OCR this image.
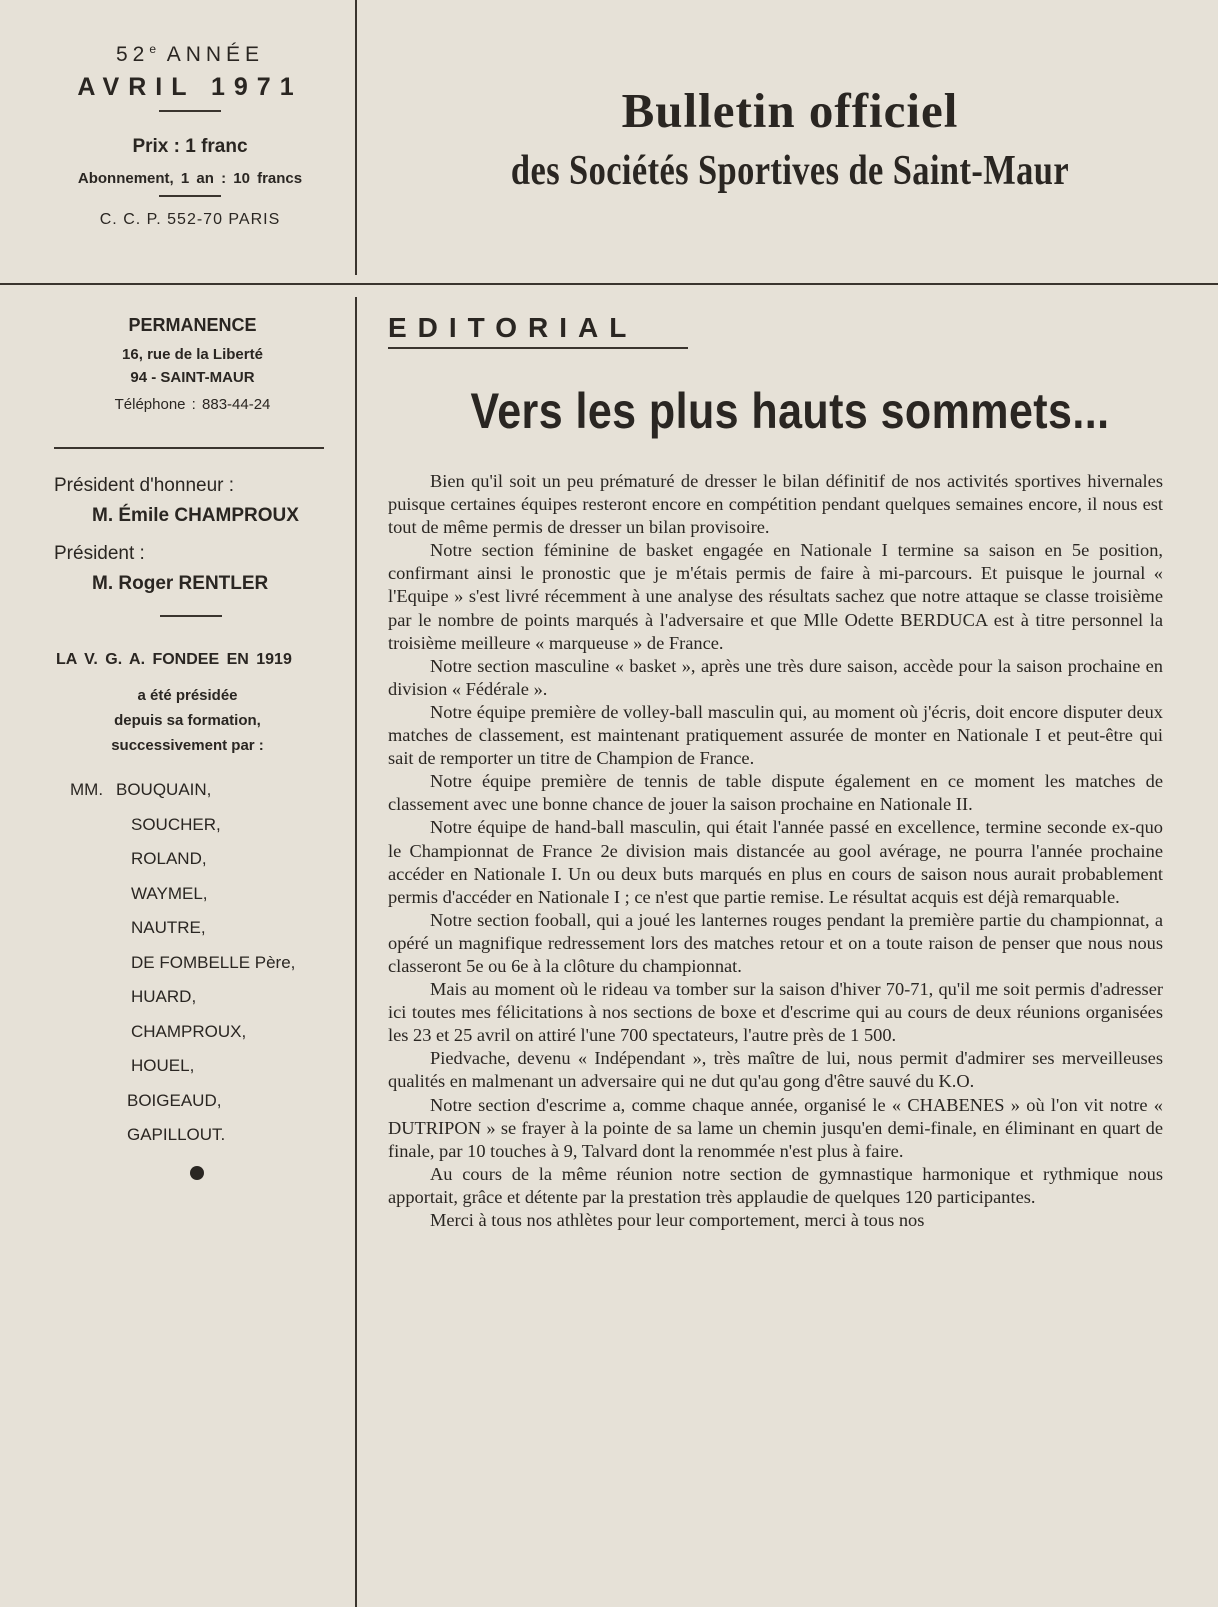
52e ANNÉE
AVRIL 1971
Prix : 1 franc
Abonnement, 1 an : 10 francs
C. C. P. 552-70 PARIS
Bulletin officiel
des Sociétés Sportives de Saint-Maur
PERMANENCE
16, rue de la Liberté
94 - SAINT-MAUR
Téléphone : 883-44-24
Président d'honneur :
M. Émile CHAMPROUX
Président :
M. Roger RENTLER
LA V. G. A. FONDEE EN 1919
a été présidée
depuis sa formation,
successivement par :
MM. BOUQUAIN,
SOUCHER,
ROLAND,
WAYMEL,
NAUTRE,
DE FOMBELLE Père,
HUARD,
CHAMPROUX,
HOUEL,
BOIGEAUD,
GAPILLOUT.
EDITORIAL
Vers les plus hauts sommets...

Bien qu'il soit un peu prématuré de dresser le bilan définitif de nos activités sportives hivernales puisque certaines équipes resteront encore en compétition pendant quelques semaines encore, il nous est tout de même permis de dresser un bilan provisoire.

Notre section féminine de basket engagée en Nationale I termine sa saison en 5e position, confirmant ainsi le pronostic que je m'étais permis de faire à mi-parcours. Et puisque le journal « l'Equipe » s'est livré récemment à une analyse des résultats sachez que notre attaque se classe troisième par le nombre de points marqués à l'adversaire et que Mlle Odette BERDUCA est à titre personnel la troisième meilleure « marqueuse » de France.

Notre section masculine « basket », après une très dure saison, accède pour la saison prochaine en division « Fédérale ».

Notre équipe première de volley-ball masculin qui, au moment où j'écris, doit encore disputer deux matches de classement, est maintenant pratiquement assurée de monter en Nationale I et peut-être qui sait de remporter un titre de Champion de France.

Notre équipe première de tennis de table dispute également en ce moment les matches de classement avec une bonne chance de jouer la saison prochaine en Nationale II.

Notre équipe de hand-ball masculin, qui était l'année passé en excellence, termine seconde ex-quo le Championnat de France 2e division mais distancée au gool avérage, ne pourra l'année prochaine accéder en Nationale I. Un ou deux buts marqués en plus en cours de saison nous aurait probablement permis d'accéder en Nationale I ; ce n'est que partie remise. Le résultat acquis est déjà remarquable.

Notre section fooball, qui a joué les lanternes rouges pendant la première partie du championnat, a opéré un magnifique redressement lors des matches retour et on a toute raison de penser que nous nous classeront 5e ou 6e à la clôture du championnat.

Mais au moment où le rideau va tomber sur la saison d'hiver 70-71, qu'il me soit permis d'adresser ici toutes mes félicitations à nos sections de boxe et d'escrime qui au cours de deux réunions organisées les 23 et 25 avril on attiré l'une 700 spectateurs, l'autre près de 1 500.

Piedvache, devenu « Indépendant », très maître de lui, nous permit d'admirer ses merveilleuses qualités en malmenant un adversaire qui ne dut qu'au gong d'être sauvé du K.O.

Notre section d'escrime a, comme chaque année, organisé le « CHABENES » où l'on vit notre « DUTRIPON » se frayer à la pointe de sa lame un chemin jusqu'en demi-finale, en éliminant en quart de finale, par 10 touches à 9, Talvard dont la renommée n'est plus à faire.

Au cours de la même réunion notre section de gymnastique harmonique et rythmique nous apportait, grâce et détente par la prestation très applaudie de quelques 120 participantes.

Merci à tous nos athlètes pour leur comportement, merci à tous nos
